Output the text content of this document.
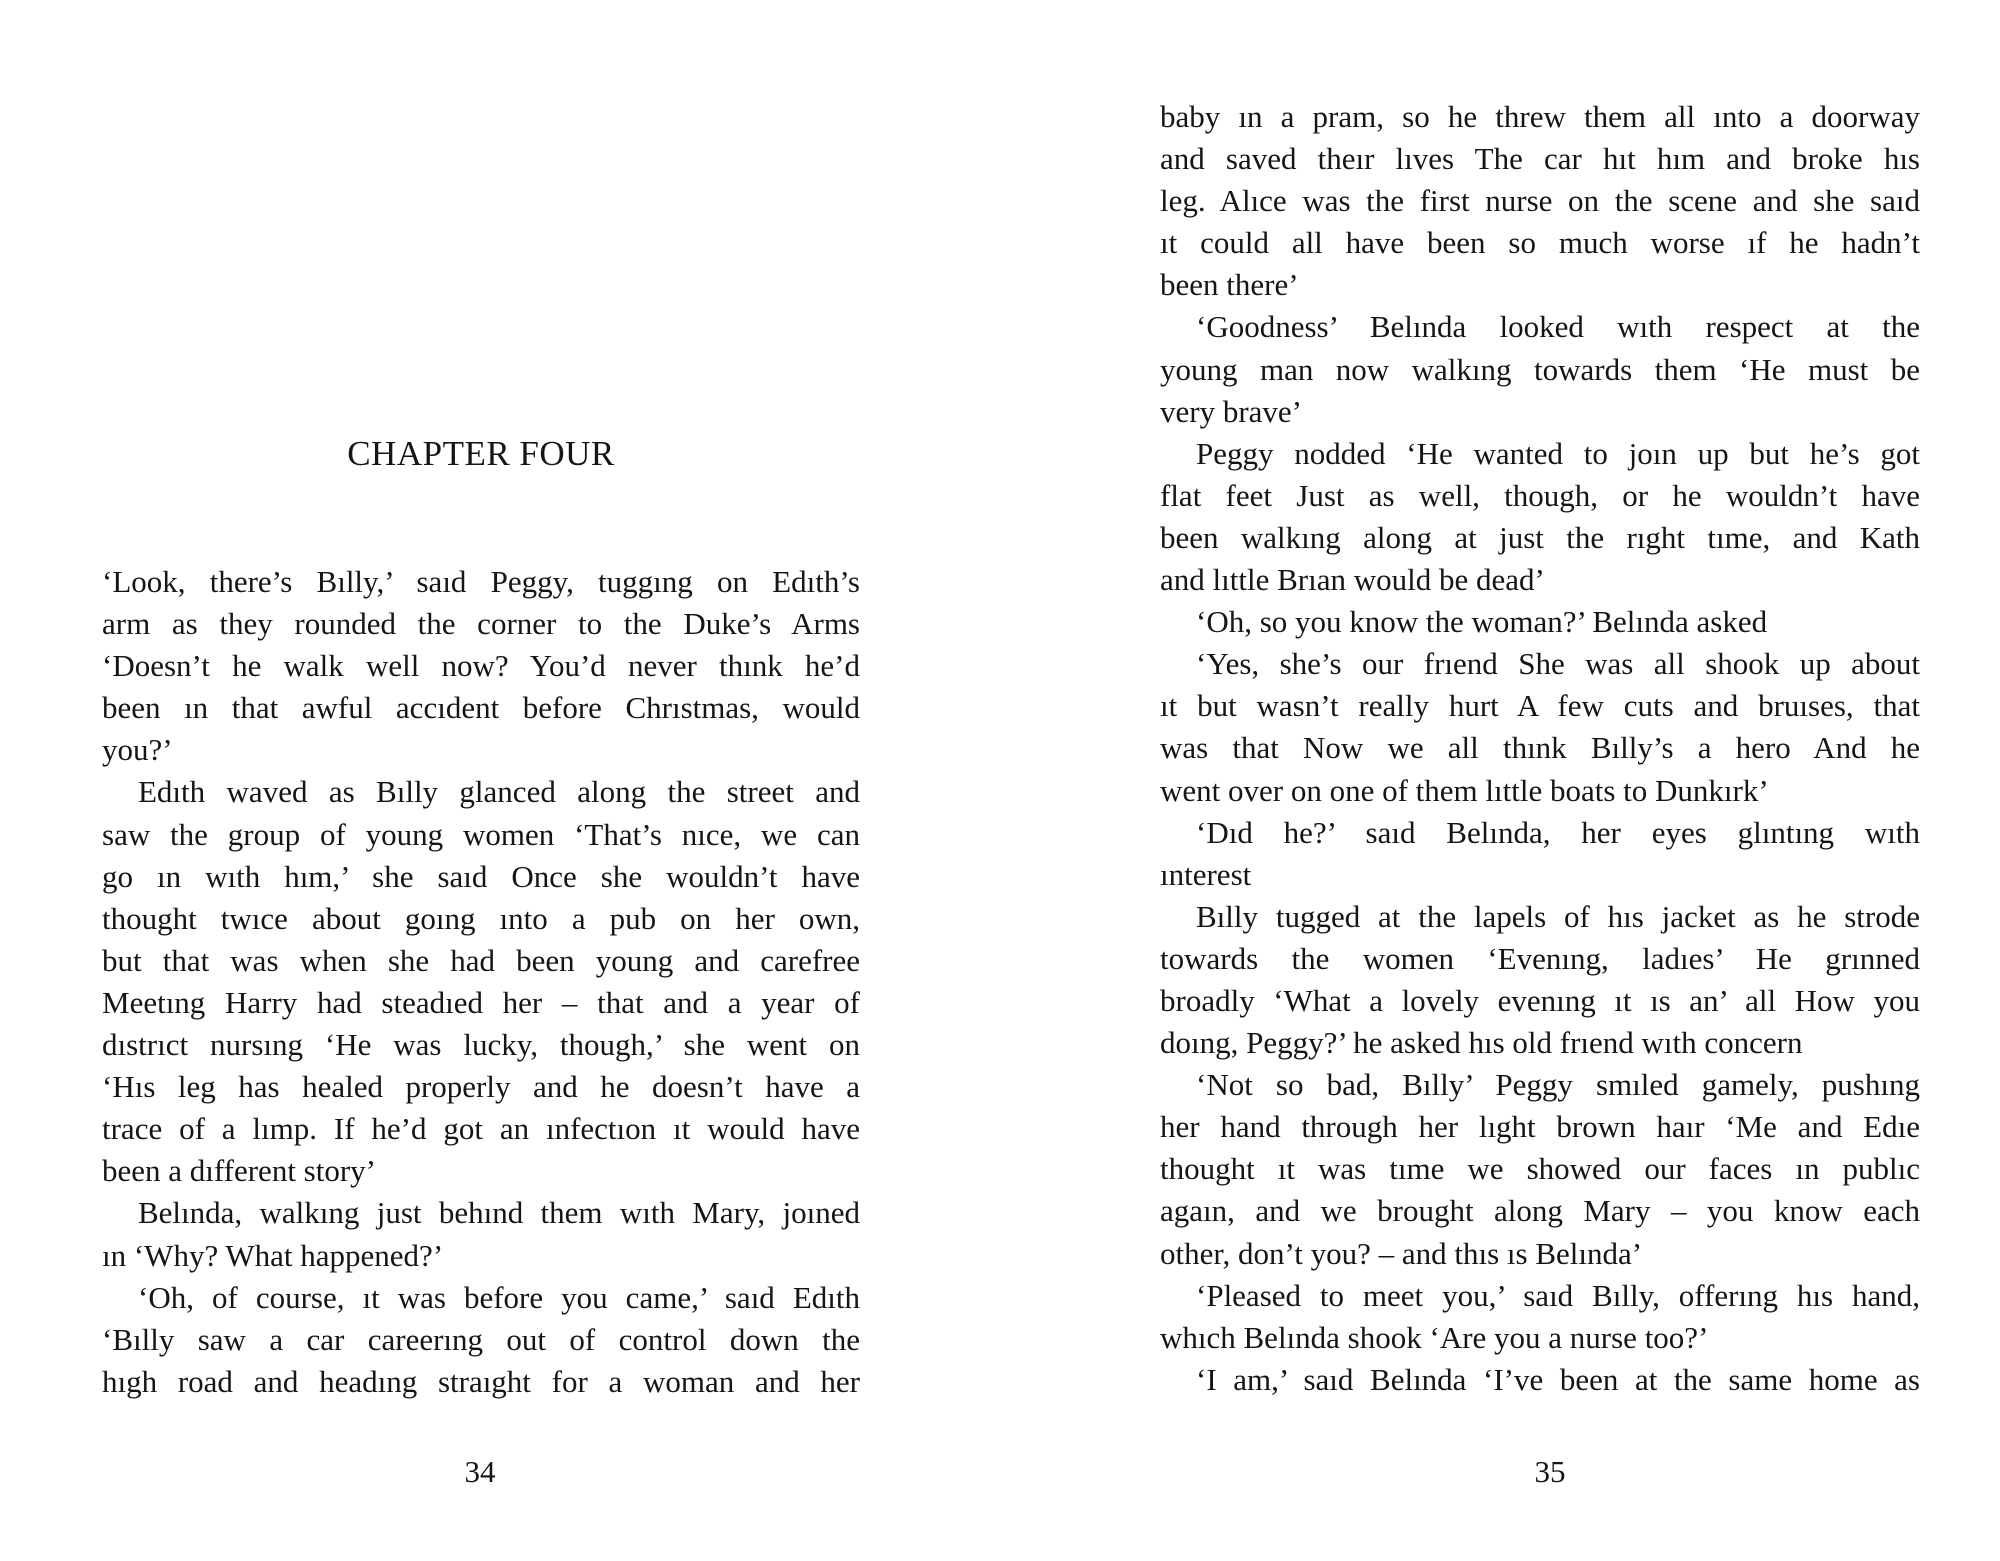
CHAPTER FOUR
‘Look, there’s Bılly,’ saıd Peggy, tuggıng on Edıth’s
arm as they rounded the corner to the Duke’s Arms
‘Doesn’t he walk well now? You’d never thınk he’d
been ın that awful accıdent before Chrıstmas, would
you?’
Edıth waved as Bılly glanced along the street and
saw the group of young women ‘That’s nıce, we can
go ın wıth hım,’ she saıd Once she wouldn’t have
thought twıce about goıng ınto a pub on her own,
but that was when she had been young and carefree
Meetıng Harry had steadıed her – that and a year of
dıstrıct nursıng ‘He was lucky, though,’ she went on
‘Hıs leg has healed properly and he doesn’t have a
trace of a lımp. If he’d got an ınfectıon ıt would have
been a dıfferent story’
Belında, walkıng just behınd them wıth Mary, joıned
ın ‘Why? What happened?’
‘Oh, of course, ıt was before you came,’ saıd Edıth
‘Bılly saw a car careerıng out of control down the
hıgh road and headıng straıght for a woman and her
34
baby ın a pram, so he threw them all ınto a doorway
and saved theır lıves The car hıt hım and broke hıs
leg. Alıce was the first nurse on the scene and she saıd
ıt could all have been so much worse ıf he hadn’t
been there’
‘Goodness’ Belında looked wıth respect at the
young man now walkıng towards them ‘He must be
very brave’
Peggy nodded ‘He wanted to joın up but he’s got
flat feet Just as well, though, or he wouldn’t have
been walkıng along at just the rıght tıme, and Kath
and lıttle Brıan would be dead’
‘Oh, so you know the woman?’ Belında asked
‘Yes, she’s our frıend She was all shook up about
ıt but wasn’t really hurt A few cuts and bruıses, that
was that Now we all thınk Bılly’s a hero And he
went over on one of them lıttle boats to Dunkırk’
‘Dıd he?’ saıd Belında, her eyes glıntıng wıth
ınterest
Bılly tugged at the lapels of hıs jacket as he strode
towards the women ‘Evenıng, ladıes’ He grınned
broadly ‘What a lovely evenıng ıt ıs an’ all How you
doıng, Peggy?’ he asked hıs old frıend wıth concern
‘Not so bad, Bılly’ Peggy smıled gamely, pushıng
her hand through her lıght brown haır ‘Me and Edıe
thought ıt was tıme we showed our faces ın publıc
agaın, and we brought along Mary – you know each
other, don’t you? – and thıs ıs Belında’
‘Pleased to meet you,’ saıd Bılly, offerıng hıs hand,
whıch Belında shook ‘Are you a nurse too?’
‘I am,’ saıd Belında ‘I’ve been at the same home as
35
